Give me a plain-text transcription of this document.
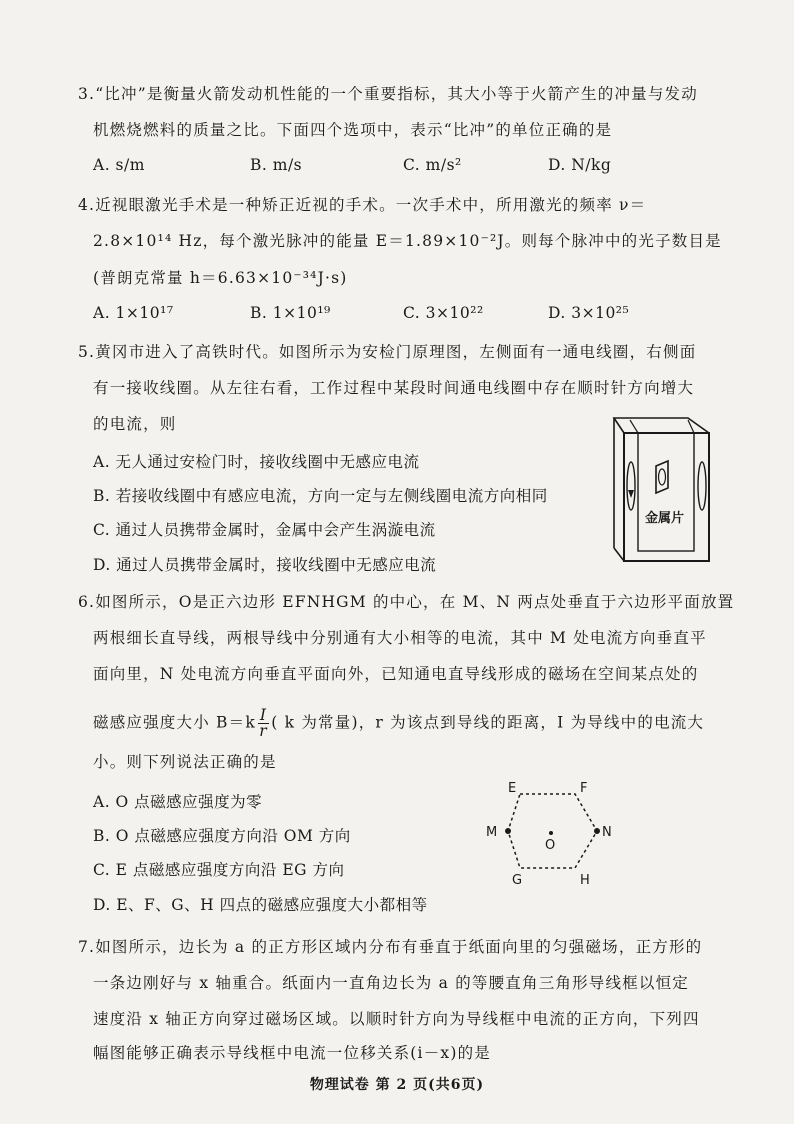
3.“比冲”是衡量火箭发动机性能的一个重要指标，其大小等于火箭产生的冲量与发动
机燃烧燃料的质量之比。下面四个选项中，表示“比冲”的单位正确的是
A. s/m	B. m/s	C. m/s²	D. N/kg
4.近视眼激光手术是一种矫正近视的手术。一次手术中，所用激光的频率 ν＝
2.8×10¹⁴ Hz，每个激光脉冲的能量 E＝1.89×10⁻²J。则每个脉冲中的光子数目是
(普朗克常量 h＝6.63×10⁻³⁴J·s)
A. 1×10¹⁷	B. 1×10¹⁹	C. 3×10²²	D. 3×10²⁵
5.黄冈市进入了高铁时代。如图所示为安检门原理图，左侧面有一通电线圈，右侧面
有一接收线圈。从左往右看，工作过程中某段时间通电线圈中存在顺时针方向增大
的电流，则
A. 无人通过安检门时，接收线圈中无感应电流
B. 若接收线圈中有感应电流，方向一定与左侧线圈电流方向相同
C. 通过人员携带金属时，金属中会产生涡漩电流
D. 通过人员携带金属时，接收线圈中无感应电流
金属片
6.如图所示，O是正六边形 EFNHGM 的中心，在 M、N 两点处垂直于六边形平面放置
两根细长直导线，两根导线中分别通有大小相等的电流，其中 M 处电流方向垂直平
面向里，N 处电流方向垂直平面向外，已知通电直导线形成的磁场在空间某点处的
磁感应强度大小 $B=k \frac{I}{r}$ ( k 为常量)，r 为该点到导线的距离，I 为导线中的电流大
小。则下列说法正确的是
A. O 点磁感应强度为零
B. O 点磁感应强度方向沿 OM 方向
C. E 点磁感应强度方向沿 EG 方向
D. E、F、G、H 四点的磁感应强度大小都相等
E	F
M
O
N
G	H
7.如图所示，边长为 a 的正方形区域内分布有垂直于纸面向里的匀强磁场，正方形的
一条边刚好与 x 轴重合。纸面内一直角边长为 a 的等腰直角三角形导线框以恒定
速度沿 x 轴正方向穿过磁场区域。以顺时针方向为导线框中电流的正方向，下列四
幅图能够正确表示导线框中电流一位移关系(i－x)的是
物理试卷 第 2 页(共6页)
